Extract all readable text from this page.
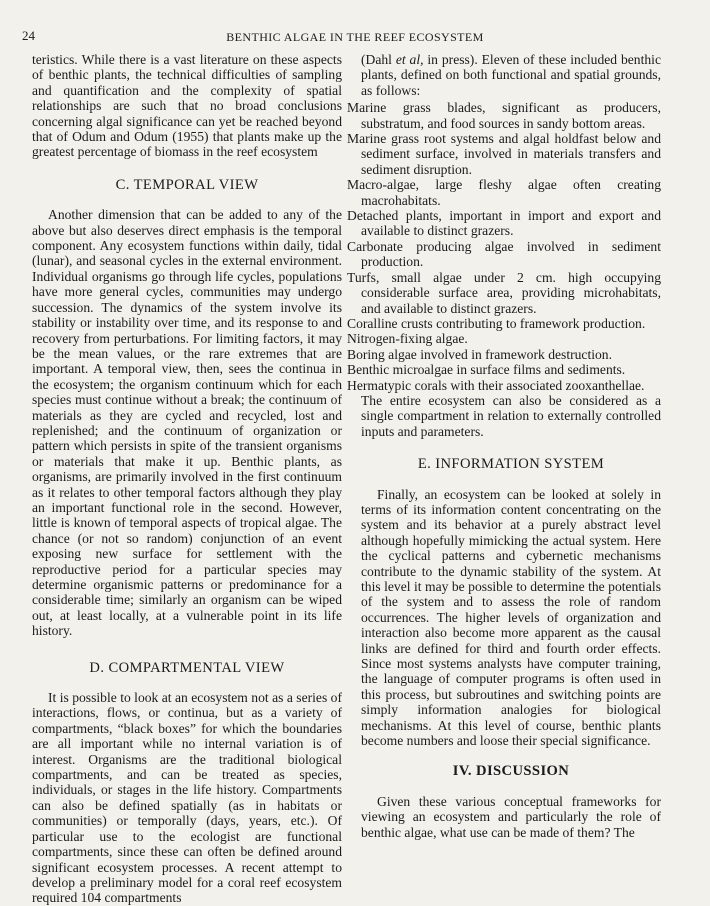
24	BENTHIC ALGAE IN THE REEF ECOSYSTEM

teristics. While there is a vast literature on these aspects of benthic plants, the technical difficulties of sampling and quantification and the complexity of spatial relationships are such that no broad conclusions concerning algal significance can yet be reached beyond that of Odum and Odum (1955) that plants make up the greatest percentage of biomass in the reef ecosystem

C. TEMPORAL VIEW

Another dimension that can be added to any of the above but also deserves direct emphasis is the temporal component. Any ecosystem functions within daily, tidal (lunar), and seasonal cycles in the external environment. Individual organisms go through life cycles, populations have more general cycles, communities may undergo succession. The dynamics of the system involve its stability or instability over time, and its response to and recovery from perturbations. For limiting factors, it may be the mean values, or the rare extremes that are important. A temporal view, then, sees the continua in the ecosystem; the organism continuum which for each species must continue without a break; the continuum of materials as they are cycled and recycled, lost and replenished; and the continuum of organization or pattern which persists in spite of the transient organisms or materials that make it up. Benthic plants, as organisms, are primarily involved in the first continuum as it relates to other temporal factors although they play an important functional role in the second. However, little is known of temporal aspects of tropical algae. The chance (or not so random) conjunction of an event exposing new surface for settlement with the reproductive period for a particular species may determine organismic patterns or predominance for a considerable time; similarly an organism can be wiped out, at least locally, at a vulnerable point in its life history.

D. COMPARTMENTAL VIEW

It is possible to look at an ecosystem not as a series of interactions, flows, or continua, but as a variety of compartments, “black boxes” for which the boundaries are all important while no internal variation is of interest. Organisms are the traditional biological compartments, and can be treated as species, individuals, or stages in the life history. Compartments can also be defined spatially (as in habitats or communities) or temporally (days, years, etc.). Of particular use to the ecologist are functional compartments, since these can often be defined around significant ecosystem processes. A recent attempt to develop a preliminary model for a coral reef ecosystem required 104 compartments

(Dahl et al, in press). Eleven of these included benthic plants, defined on both functional and spatial grounds, as follows:

Marine grass blades, significant as producers, substratum, and food sources in sandy bottom areas.

Marine grass root systems and algal holdfast below and sediment surface, involved in materials transfers and sediment disruption.

Macro-algae, large fleshy algae often creating macrohabitats.

Detached plants, important in import and export and available to distinct grazers.

Carbonate producing algae involved in sediment production.

Turfs, small algae under 2 cm. high occupying considerable surface area, providing microhabitats, and available to distinct grazers.

Coralline crusts contributing to framework production.

Nitrogen-fixing algae.

Boring algae involved in framework destruction.

Benthic microalgae in surface films and sediments.

Hermatypic corals with their associated zooxanthellae.

The entire ecosystem can also be considered as a single compartment in relation to externally controlled inputs and parameters.

E. INFORMATION SYSTEM

Finally, an ecosystem can be looked at solely in terms of its information content concentrating on the system and its behavior at a purely abstract level although hopefully mimicking the actual system. Here the cyclical patterns and cybernetic mechanisms contribute to the dynamic stability of the system. At this level it may be possible to determine the potentials of the system and to assess the role of random occurrences. The higher levels of organization and interaction also become more apparent as the causal links are defined for third and fourth order effects. Since most systems analysts have computer training, the language of computer programs is often used in this process, but subroutines and switching points are simply information analogies for biological mechanisms. At this level of course, benthic plants become numbers and loose their special significance.

IV. DISCUSSION

Given these various conceptual frameworks for viewing an ecosystem and particularly the role of benthic algae, what use can be made of them? The
